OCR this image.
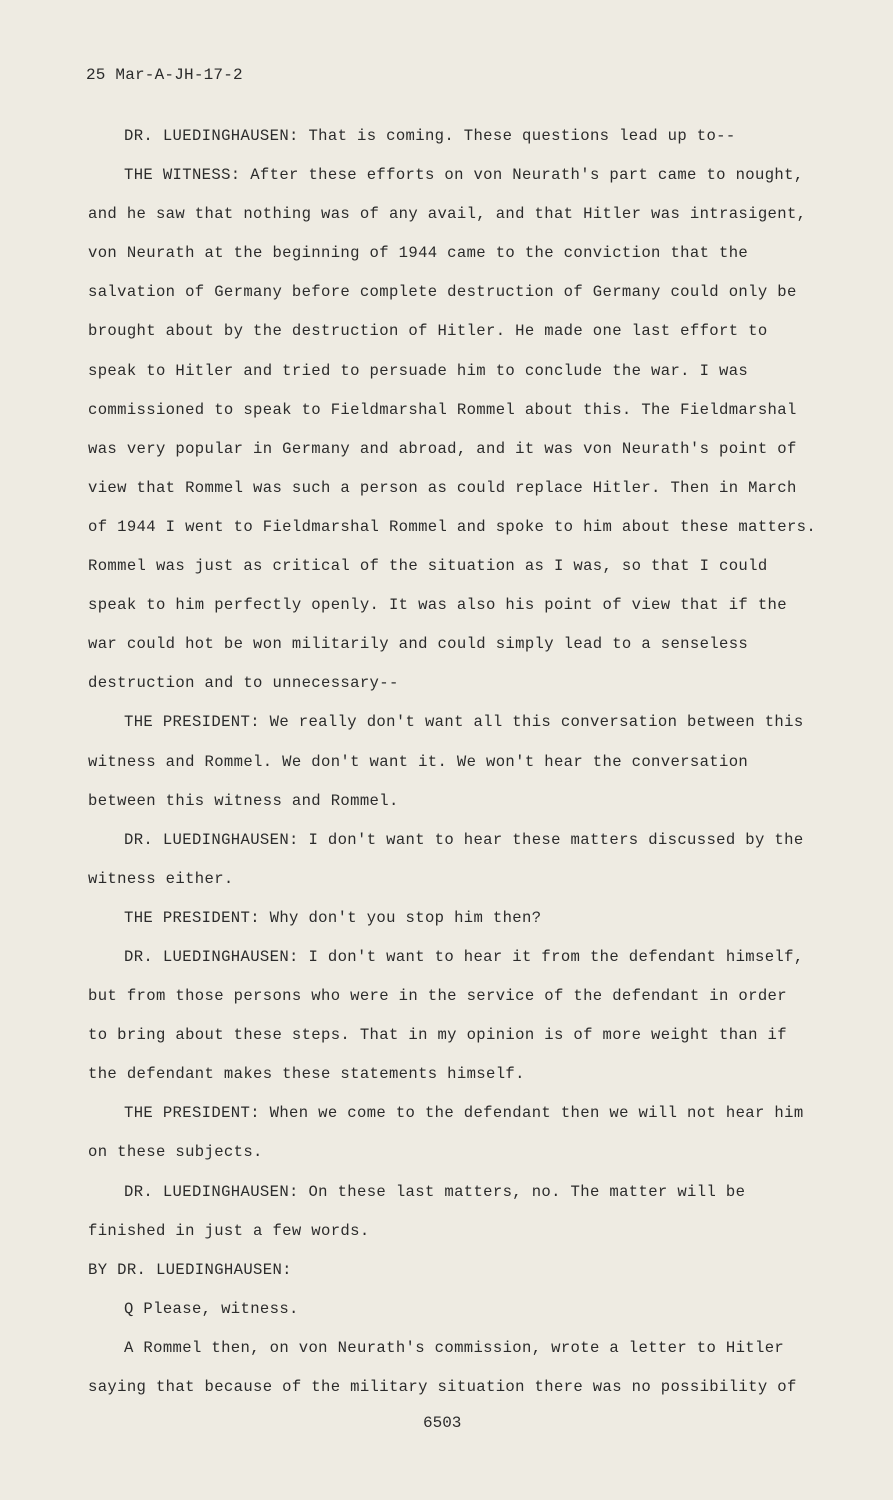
25 Mar-A-JH-17-2
DR. LUEDINGHAUSEN: That is coming. These questions lead up to--
THE WITNESS: After these efforts on von Neurath's part came to nought,
and he saw that nothing was of any avail, and that Hitler was intrasigent,
von Neurath at the beginning of 1944 came to the conviction that the
salvation of Germany before complete destruction of Germany could only be
brought about by the destruction of Hitler. He made one last effort to
speak to Hitler and tried to persuade him to conclude the war. I was
commissioned to speak to Fieldmarshal Rommel about this. The Fieldmarshal
was very popular in Germany and abroad, and it was von Neurath's point of
view that Rommel was such a person as could replace Hitler. Then in March
of 1944 I went to Fieldmarshal Rommel and spoke to him about these matters.
Rommel was just as critical of the situation as I was, so that I could
speak to him perfectly openly. It was also his point of view that if the
war could hot be won militarily and could simply lead to a senseless
destruction and to unnecessary--
THE PRESIDENT: We really don't want all this conversation between this
witness and Rommel. We don't want it. We won't hear the conversation
between this witness and Rommel.
DR. LUEDINGHAUSEN: I don't want to hear these matters discussed by the
witness either.
THE PRESIDENT: Why don't you stop him then?
DR. LUEDINGHAUSEN: I don't want to hear it from the defendant himself,
but from those persons who were in the service of the defendant in order
to bring about these steps. That in my opinion is of more weight than if
the defendant makes these statements himself.
THE PRESIDENT: When we come to the defendant then we will not hear him
on these subjects.
DR. LUEDINGHAUSEN: On these last matters, no. The matter will be
finished in just a few words.
BY DR. LUEDINGHAUSEN:
Q Please, witness.
A Rommel then, on von Neurath's commission, wrote a letter to Hitler
saying that because of the military situation there was no possibility of
6503
